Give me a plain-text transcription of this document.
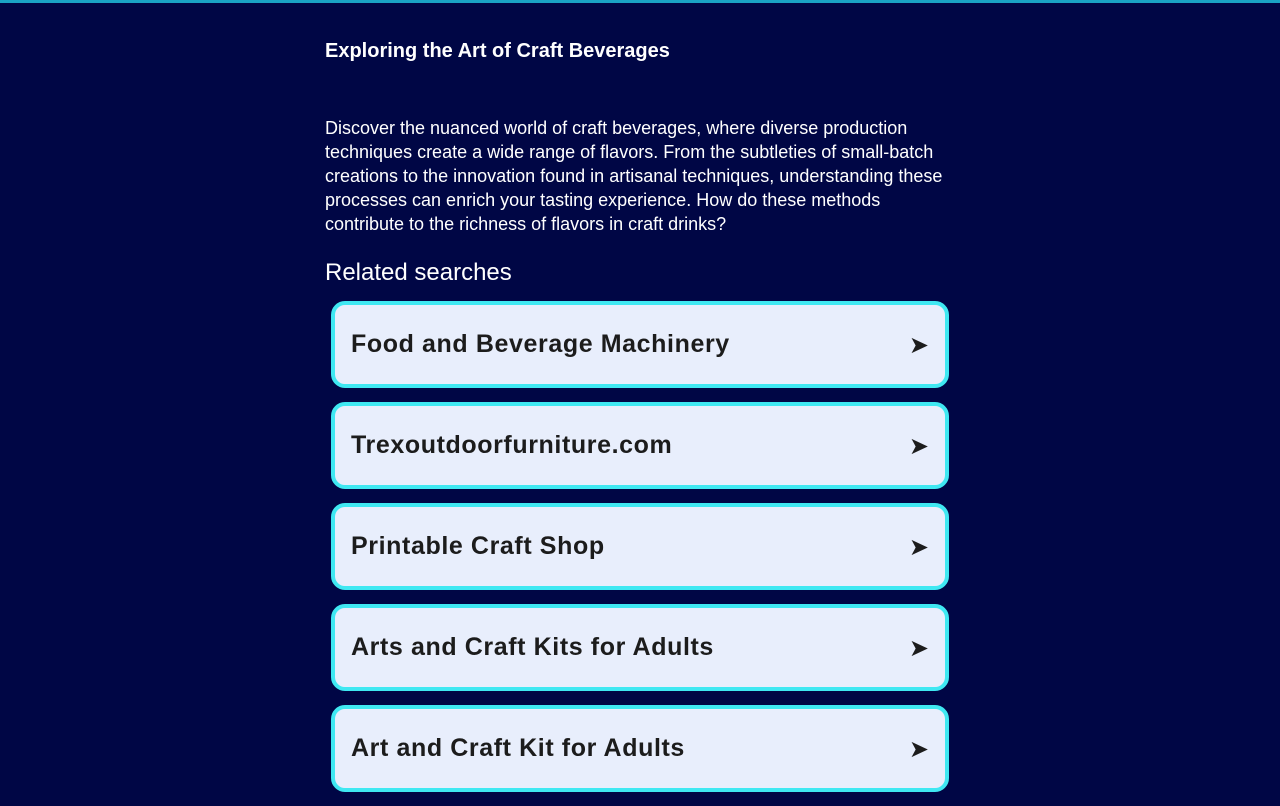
Exploring the Art of Craft Beverages

Discover the nuanced world of craft beverages, where diverse production techniques create a wide range of flavors. From the subtleties of small-batch creations to the innovation found in artisanal techniques, understanding these processes can enrich your tasting experience. How do these methods contribute to the richness of flavors in craft drinks?

Related searches
Food and Beverage Machinery	➤
Trexoutdoorfurniture.com	➤
Printable Craft Shop	➤
Arts and Craft Kits for Adults	➤
Art and Craft Kit for Adults	➤
